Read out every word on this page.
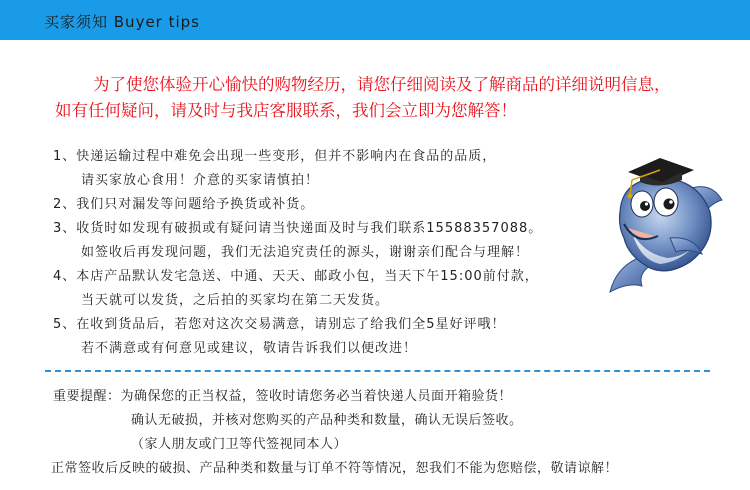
买家须知 Buyer tips

为了使您体验开心愉快的购物经历，请您仔细阅读及了解商品的详细说明信息，

如有任何疑问，请及时与我店客服联系，我们会立即为您解答！

1、快递运输过程中难免会出现一些变形，但并不影响内在食品的品质，

请买家放心食用！介意的买家请慎拍！

2、我们只对漏发等问题给予换货或补货。

3、收货时如发现有破损或有疑问请当快递面及时与我们联系15588357088。

如签收后再发现问题，我们无法追究责任的源头，谢谢亲们配合与理解！

4、本店产品默认发宅急送、中通、天天、邮政小包，当天下午15:00前付款，

当天就可以发货，之后拍的买家均在第二天发货。

5、在收到货品后，若您对这次交易满意，请别忘了给我们全5星好评哦！

若不满意或有何意见或建议，敬请告诉我们以便改进！

重要提醒：为确保您的正当权益，签收时请您务必当着快递人员面开箱验货！

确认无破损，并核对您购买的产品种类和数量，确认无误后签收。

（家人朋友或门卫等代签视同本人）

正常签收后反映的破损、产品种类和数量与订单不符等情况，恕我们不能为您赔偿，敬请谅解！
